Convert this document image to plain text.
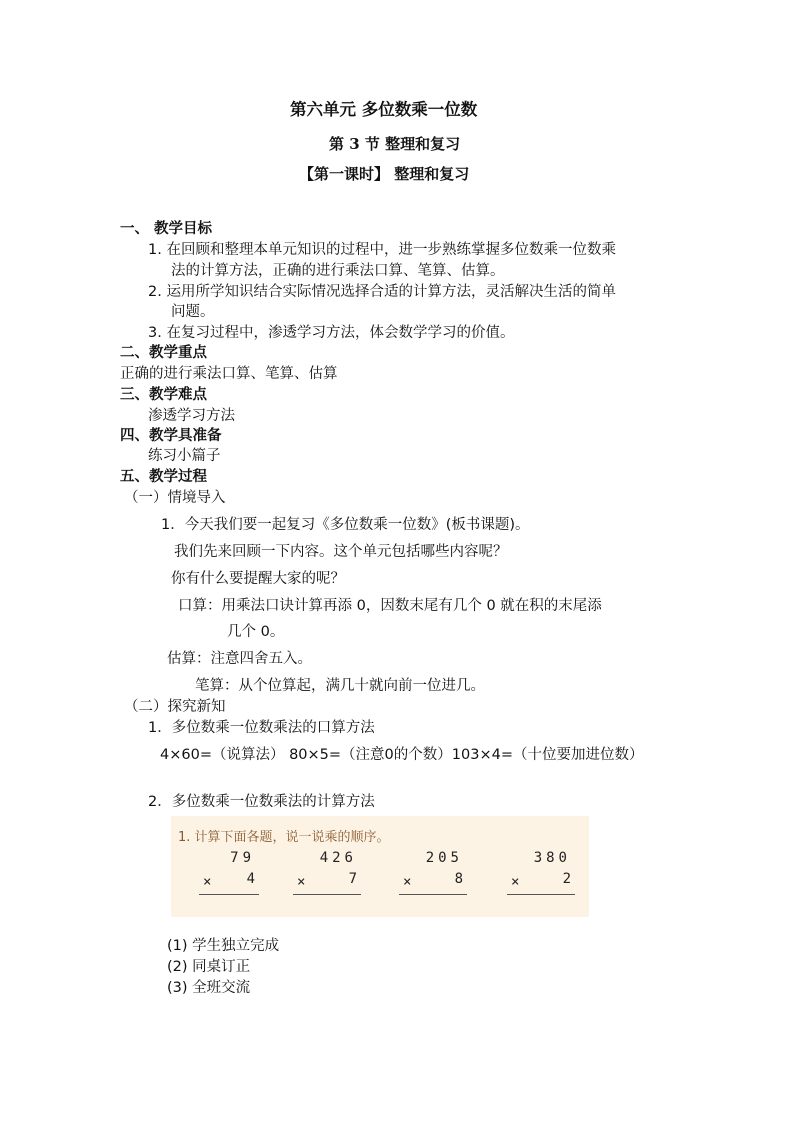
第六单元 多位数乘一位数
第 3 节 整理和复习
【第一课时】 整理和复习
一、 教学目标
1. 在回顾和整理本单元知识的过程中，进一步熟练掌握多位数乘一位数乘
法的计算方法，正确的进行乘法口算、笔算、估算。
2. 运用所学知识结合实际情况选择合适的计算方法，灵活解决生活的简单
问题。
3. 在复习过程中，渗透学习方法，体会数学学习的价值。
二、教学重点
正确的进行乘法口算、笔算、估算
三、教学难点
渗透学习方法
四、教学具准备
练习小篇子
五、教学过程
（一）情境导入
1．今天我们要一起复习《多位数乘一位数》(板书课题)。
我们先来回顾一下内容。这个单元包括哪些内容呢？
你有什么要提醒大家的呢？
口算：用乘法口诀计算再添 0，因数末尾有几个 0 就在积的末尾添
几个 0。
估算：注意四舍五入。
笔算：从个位算起，满几十就向前一位进几。
（二）探究新知
1．多位数乘一位数乘法的口算方法
4×60=（说算法） 80×5=（注意0的个数）103×4=（十位要加进位数）
2．多位数乘一位数乘法的计算方法
1. 计算下面各题，说一说乘的顺序。
79
×	4
426
×	7
205
×	8
380
×	2
(1) 学生独立完成
(2) 同桌订正
(3) 全班交流
